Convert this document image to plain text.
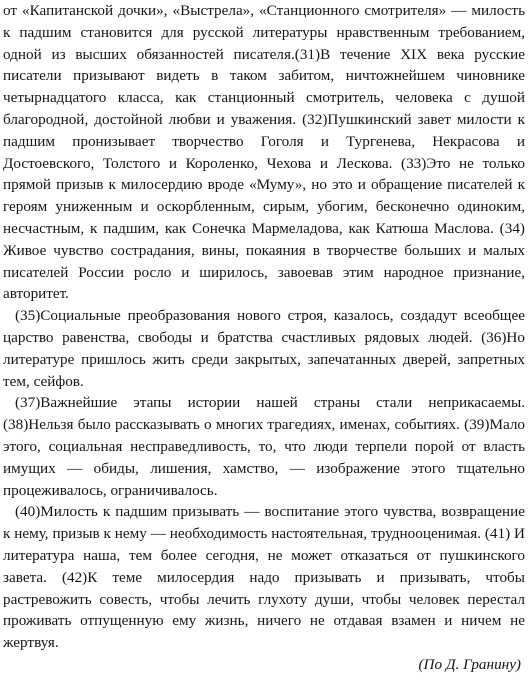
от «Капитанской дочки», «Выстрела», «Станционного смотрителя» — милость к падшим становится для русской литературы нравственным требованием, одной из высших обязанностей писателя.(31)В течение XIX века русские писатели призывают видеть в таком забитом, ничтожнейшем чиновнике четырнадцатого класса, как станционный смотритель, человека с душой благородной, достойной любви и уважения. (32)Пушкинский завет милости к падшим пронизывает творчество Гоголя и Тургенева, Некрасова и Достоевского, Толстого и Короленко, Чехова и Лескова. (33)Это не только прямой призыв к милосердию вроде «Муму», но это и обращение писателей к героям униженным и оскорбленным, сирым, убогим, бесконечно одиноким, несчастным, к падшим, как Сонечка Мармеладова, как Катюша Маслова. (34) Живое чувство сострадания, вины, покаяния в творчестве больших и малых писателей России росло и ширилось, завоевав этим народное признание, авторитет.

(35)Социальные преобразования нового строя, казалось, создадут всеобщее царство равенства, свободы и братства счастливых рядовых людей. (36)Но литературе пришлось жить среди закрытых, запечатанных дверей, запретных тем, сейфов.

(37)Важнейшие этапы истории нашей страны стали неприкасаемы. (38)Нельзя было рассказывать о многих трагедиях, именах, событиях. (39)Мало этого, социальная несправедливость, то, что люди терпели порой от власть имущих — обиды, лишения, хамство, — изображение этого тщательно процеживалось, ограничивалось.

(40)Милость к падшим призывать — воспитание этого чувства, возвращение к нему, призыв к нему — необходимость настоятельная, труднооценимая. (41) И литература наша, тем более сегодня, не может отказаться от пушкинского завета. (42)К теме милосердия надо призывать и призывать, чтобы растревожить совесть, чтобы лечить глухоту души, чтобы человек перестал проживать отпущенную ему жизнь, ничего не отдавая взамен и ничем не жертвуя.

(По Д. Гранину)
